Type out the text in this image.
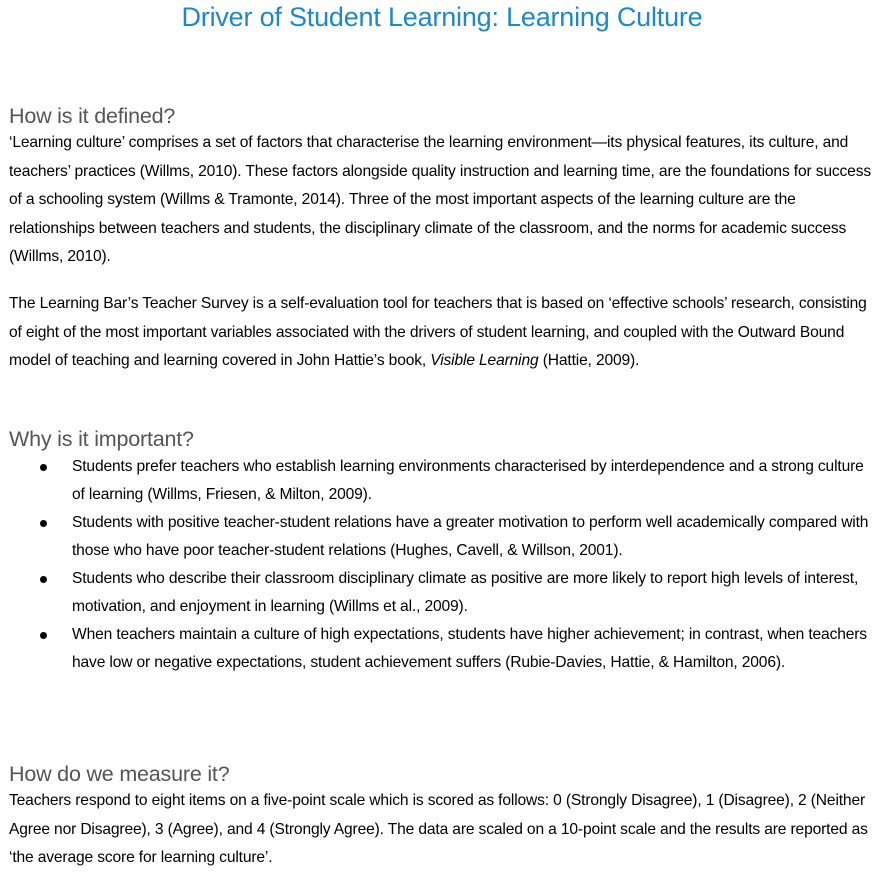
Driver of Student Learning: Learning Culture
How is it defined?

‘Learning culture’ comprises a set of factors that characterise the learning environment—its physical features, its culture, and teachers’ practices (Willms, 2010). These factors alongside quality instruction and learning time, are the foundations for success of a schooling system (Willms & Tramonte, 2014). Three of the most important aspects of the learning culture are the relationships between teachers and students, the disciplinary climate of the classroom, and the norms for academic success (Willms, 2010).

The Learning Bar’s Teacher Survey is a self-evaluation tool for teachers that is based on ‘effective schools’ research, consisting of eight of the most important variables associated with the drivers of student learning, and coupled with the Outward Bound model of teaching and learning covered in John Hattie’s book, Visible Learning (Hattie, 2009).

Why is it important?
Students prefer teachers who establish learning environments characterised by interdependence and a strong culture of learning (Willms, Friesen, & Milton, 2009).
Students with positive teacher-student relations have a greater motivation to perform well academically compared with those who have poor teacher-student relations (Hughes, Cavell, & Willson, 2001).
Students who describe their classroom disciplinary climate as positive are more likely to report high levels of interest, motivation, and enjoyment in learning (Willms et al., 2009).
When teachers maintain a culture of high expectations, students have higher achievement; in contrast, when teachers have low or negative expectations, student achievement suffers (Rubie-Davies, Hattie, & Hamilton, 2006).
How do we measure it?

Teachers respond to eight items on a five-point scale which is scored as follows: 0 (Strongly Disagree), 1 (Disagree), 2 (Neither Agree nor Disagree), 3 (Agree), and 4 (Strongly Agree). The data are scaled on a 10-point scale and the results are reported as ‘the average score for learning culture’.
